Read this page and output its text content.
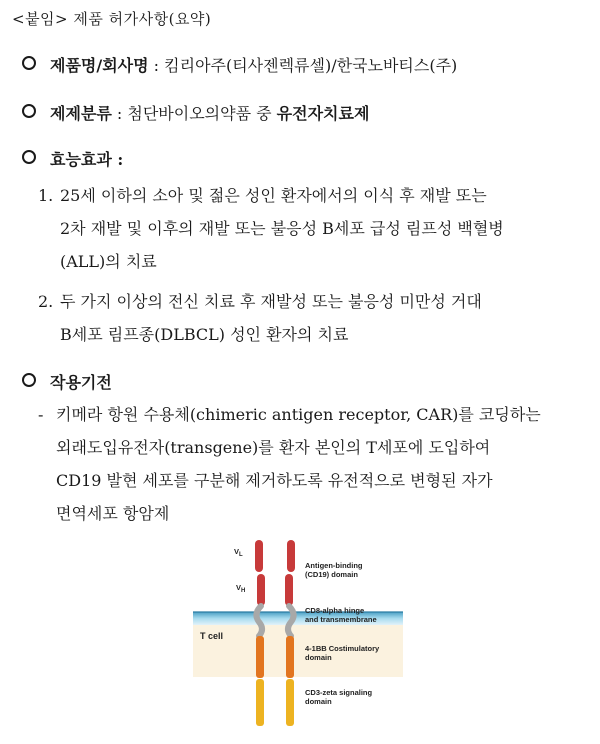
<붙임> 제품 허가사항(요약)
제품명/회사명 : 킴리아주(티사젠렉류셀)/한국노바티스(주)
제제분류 : 첨단바이오의약품 중 유전자치료제
효능효과 :
1. 25세 이하의 소아 및 젊은 성인 환자에서의 이식 후 재발 또는
2차 재발 및 이후의 재발 또는 불응성 B세포 급성 림프성 백혈병
(ALL)의 치료
2. 두 가지 이상의 전신 치료 후 재발성 또는 불응성 미만성 거대
B세포 림프종(DLBCL) 성인 환자의 치료
작용기전
- 키메라 항원 수용체(chimeric antigen receptor, CAR)를 코딩하는
외래도입유전자(transgene)를 환자 본인의 T세포에 도입하여
CD19 발현 세포를 구분해 제거하도록 유전적으로 변형된 자가
면역세포 항암제
$V_L$
$V_H$
T cell
Antigen-binding (CD19) domain
CD8-alpha hinge and transmembrane
4-1BB Costimulatory domain
CD3-zeta signaling domain
